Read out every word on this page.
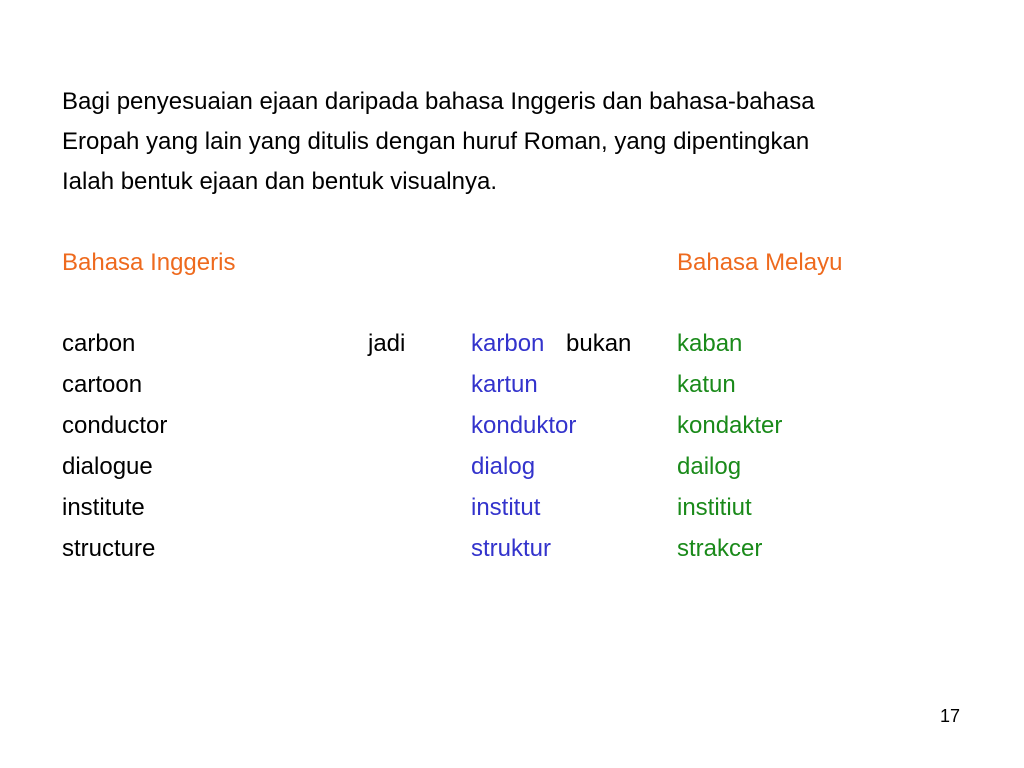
Bagi penyesuaian ejaan daripada bahasa Inggeris dan bahasa-bahasa
Eropah yang lain yang ditulis dengan huruf Roman, yang dipentingkan
Ialah bentuk ejaan dan bentuk visualnya.
Bahasa Inggeris	Bahasa Melayu
carbon	jadi	karbon bukan kaban
cartoon	kartun	katun
conductor	konduktor	kondakter
dialogue	dialog	dailog
institute	institut	institiut
structure	struktur	strakcer
17
